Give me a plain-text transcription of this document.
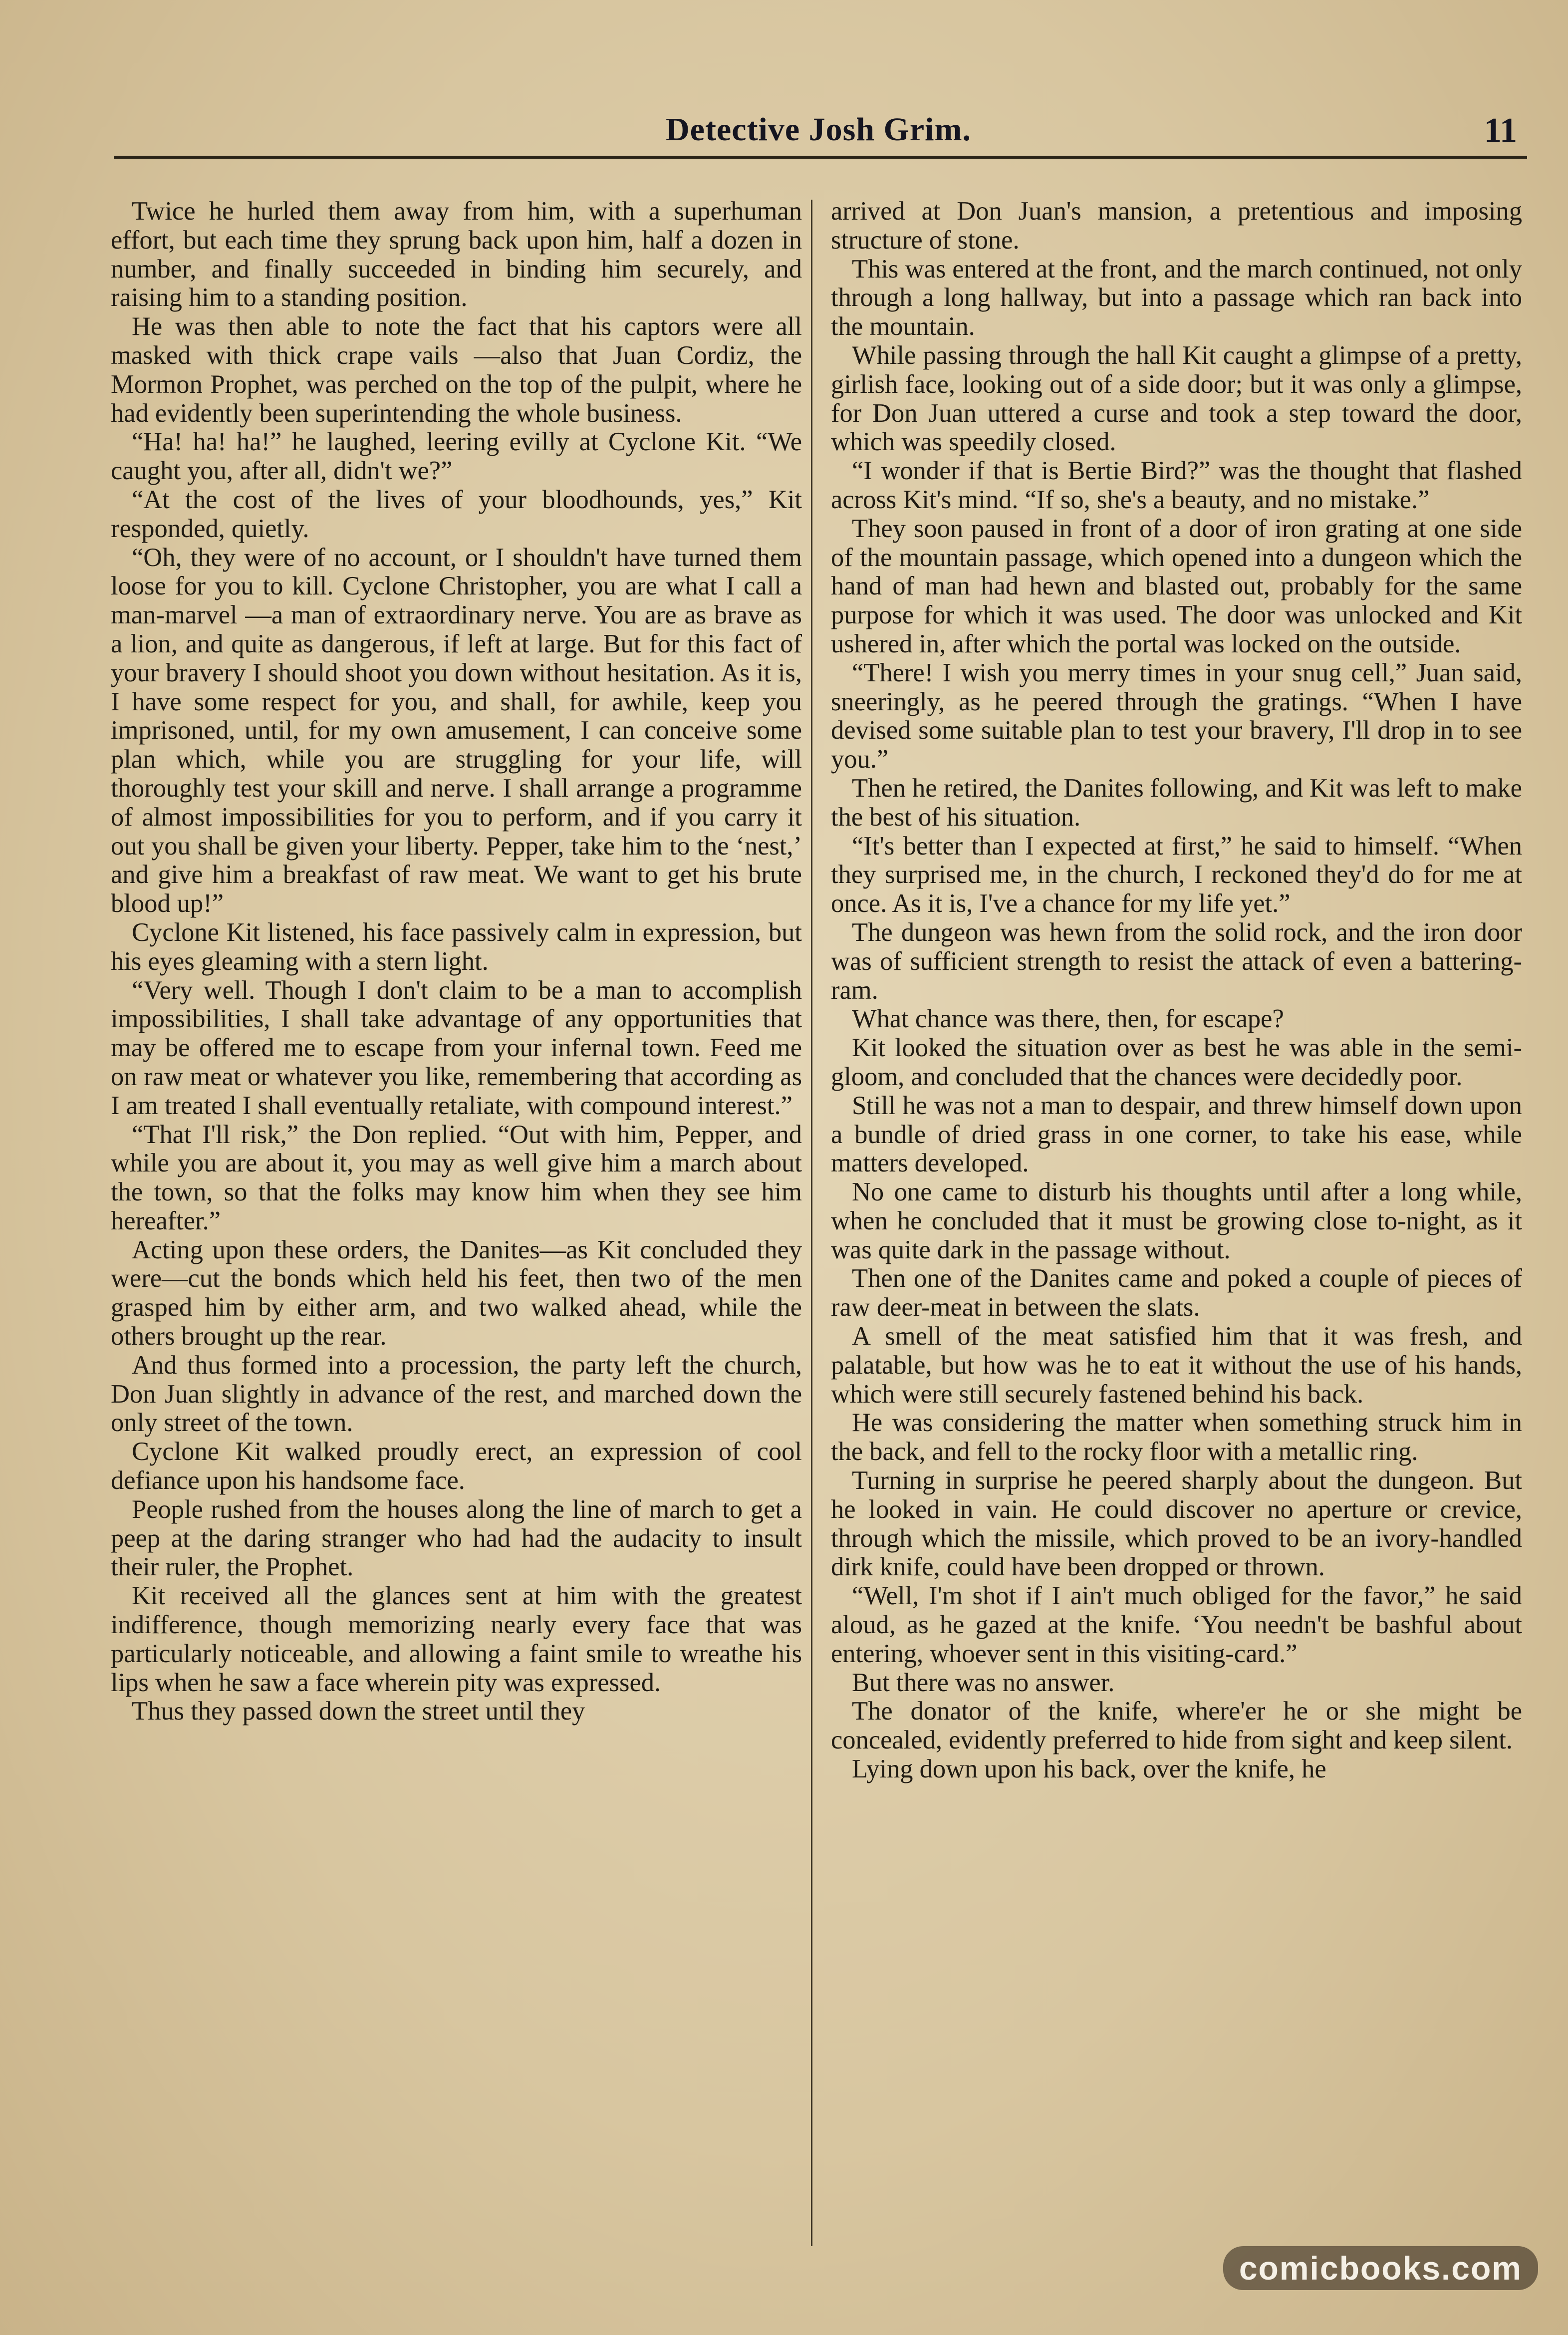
Detective Josh Grim.	11

Twice he hurled them away from him, with a superhuman effort, but each time they sprung back upon him, half a dozen in number, and finally succeeded in binding him securely, and raising him to a standing position.

He was then able to note the fact that his captors were all masked with thick crape vails —also that Juan Cordiz, the Mormon Prophet, was perched on the top of the pulpit, where he had evidently been superintending the whole business.

“Ha! ha! ha!” he laughed, leering evilly at Cyclone Kit. “We caught you, after all, didn't we?”

“At the cost of the lives of your bloodhounds, yes,” Kit responded, quietly.

“Oh, they were of no account, or I shouldn't have turned them loose for you to kill. Cyclone Christopher, you are what I call a man-marvel —a man of extraordinary nerve. You are as brave as a lion, and quite as dangerous, if left at large. But for this fact of your bravery I should shoot you down without hesitation. As it is, I have some respect for you, and shall, for awhile, keep you imprisoned, until, for my own amusement, I can conceive some plan which, while you are struggling for your life, will thoroughly test your skill and nerve. I shall arrange a programme of almost impossibilities for you to perform, and if you carry it out you shall be given your liberty. Pepper, take him to the ‘nest,’ and give him a breakfast of raw meat. We want to get his brute blood up!”

Cyclone Kit listened, his face passively calm in expression, but his eyes gleaming with a stern light.

“Very well. Though I don't claim to be a man to accomplish impossibilities, I shall take advantage of any opportunities that may be offered me to escape from your infernal town. Feed me on raw meat or whatever you like, remembering that according as I am treated I shall eventually retaliate, with compound interest.”

“That I'll risk,” the Don replied. “Out with him, Pepper, and while you are about it, you may as well give him a march about the town, so that the folks may know him when they see him hereafter.”

Acting upon these orders, the Danites—as Kit concluded they were—cut the bonds which held his feet, then two of the men grasped him by either arm, and two walked ahead, while the others brought up the rear.

And thus formed into a procession, the party left the church, Don Juan slightly in advance of the rest, and marched down the only street of the town.

Cyclone Kit walked proudly erect, an expression of cool defiance upon his handsome face.

People rushed from the houses along the line of march to get a peep at the daring stranger who had had the audacity to insult their ruler, the Prophet.

Kit received all the glances sent at him with the greatest indifference, though memorizing nearly every face that was particularly noticeable, and allowing a faint smile to wreathe his lips when he saw a face wherein pity was expressed.

Thus they passed down the street until they

arrived at Don Juan's mansion, a pretentious and imposing structure of stone.

This was entered at the front, and the march continued, not only through a long hallway, but into a passage which ran back into the mountain.

While passing through the hall Kit caught a glimpse of a pretty, girlish face, looking out of a side door; but it was only a glimpse, for Don Juan uttered a curse and took a step toward the door, which was speedily closed.

“I wonder if that is Bertie Bird?” was the thought that flashed across Kit's mind. “If so, she's a beauty, and no mistake.”

They soon paused in front of a door of iron grating at one side of the mountain passage, which opened into a dungeon which the hand of man had hewn and blasted out, probably for the same purpose for which it was used. The door was unlocked and Kit ushered in, after which the portal was locked on the outside.

“There! I wish you merry times in your snug cell,” Juan said, sneeringly, as he peered through the gratings. “When I have devised some suitable plan to test your bravery, I'll drop in to see you.”

Then he retired, the Danites following, and Kit was left to make the best of his situation.

“It's better than I expected at first,” he said to himself. “When they surprised me, in the church, I reckoned they'd do for me at once. As it is, I've a chance for my life yet.”

The dungeon was hewn from the solid rock, and the iron door was of sufficient strength to resist the attack of even a battering-ram.

What chance was there, then, for escape?

Kit looked the situation over as best he was able in the semi-gloom, and concluded that the chances were decidedly poor.

Still he was not a man to despair, and threw himself down upon a bundle of dried grass in one corner, to take his ease, while matters developed.

No one came to disturb his thoughts until after a long while, when he concluded that it must be growing close to-night, as it was quite dark in the passage without.

Then one of the Danites came and poked a couple of pieces of raw deer-meat in between the slats.

A smell of the meat satisfied him that it was fresh, and palatable, but how was he to eat it without the use of his hands, which were still securely fastened behind his back.

He was considering the matter when something struck him in the back, and fell to the rocky floor with a metallic ring.

Turning in surprise he peered sharply about the dungeon. But he looked in vain. He could discover no aperture or crevice, through which the missile, which proved to be an ivory-handled dirk knife, could have been dropped or thrown.

“Well, I'm shot if I ain't much obliged for the favor,” he said aloud, as he gazed at the knife. ‘You needn't be bashful about entering, whoever sent in this visiting-card.”

But there was no answer.

The donator of the knife, where'er he or she might be concealed, evidently preferred to hide from sight and keep silent.

Lying down upon his back, over the knife, he

comicbooks.com
